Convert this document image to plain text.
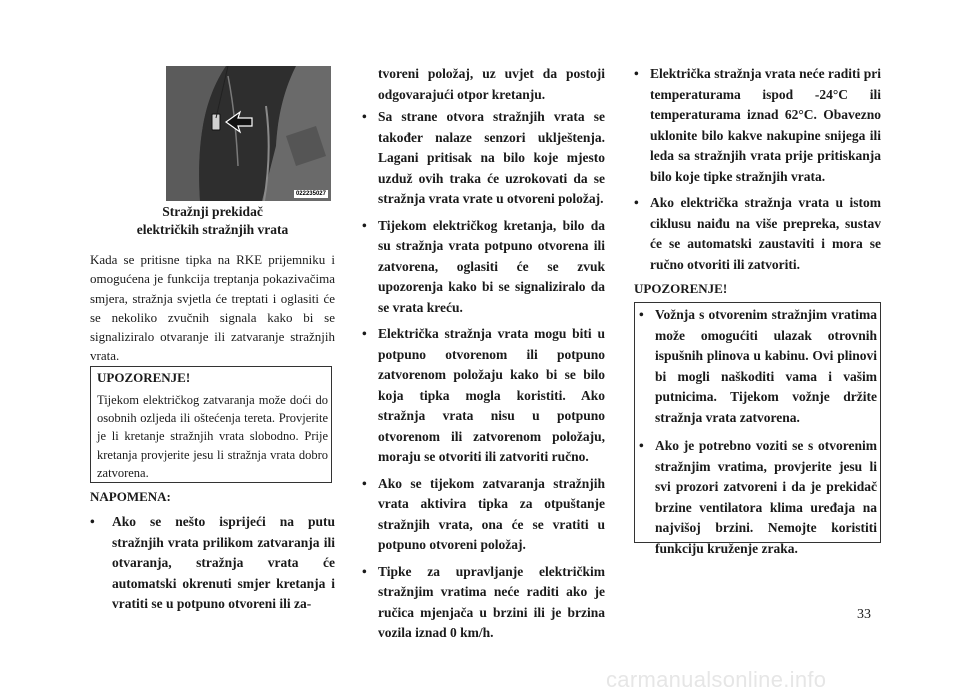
022235027
Stražnji prekidač
električkih stražnjih vrata
Kada se pritisne tipka na RKE prijemniku i omogućena je funkcija treptanja pokazivačima smjera, stražnja svjetla će treptati i oglasiti će se nekoliko zvučnih signala kako bi se signaliziralo otvaranje ili zatvaranje stražnjih vrata.
UPOZORENJE!
Tijekom električkog zatvaranja može doći do osobnih ozljeda ili oštećenja tereta. Provjerite je li kretanje stražnjih vrata slobodno. Prije kretanja provjerite jesu li stražnja vrata dobro zatvorena.
NAPOMENA:
• Ako se nešto isprijeći na putu stražnjih vrata prilikom zatvaranja ili otvaranja, stražnja vrata će automatski okrenuti smjer kretanja i vratiti se u potpuno otvoreni ili za-
tvoreni položaj, uz uvjet da postoji odgovarajući otpor kretanju.
• Sa strane otvora stražnjih vrata se također nalaze senzori uklještenja. Lagani pritisak na bilo koje mjesto uzduž ovih traka će uzrokovati da se stražnja vrata vrate u otvoreni položaj.
• Tijekom električkog kretanja, bilo da su stražnja vrata potpuno otvorena ili zatvorena, oglasiti će se zvuk upozorenja kako bi se signaliziralo da se vrata kreću.
• Električka stražnja vrata mogu biti u potpuno otvorenom ili potpuno zatvorenom položaju kako bi se bilo koja tipka mogla koristiti. Ako stražnja vrata nisu u potpuno otvorenom ili zatvorenom položaju, moraju se otvoriti ili zatvoriti ručno.
• Ako se tijekom zatvaranja stražnjih vrata aktivira tipka za otpuštanje stražnjih vrata, ona će se vratiti u potpuno otvoreni položaj.
• Tipke za upravljanje električkim stražnjim vratima neće raditi ako je ručica mjenjača u brzini ili je brzina vozila iznad 0 km/h.
• Električka stražnja vrata neće raditi pri temperaturama ispod -24°C ili temperaturama iznad 62°C. Obavezno uklonite bilo kakve nakupine snijega ili leda sa stražnjih vrata prije pritiskanja bilo koje tipke stražnjih vrata.
• Ako električka stražnja vrata u istom ciklusu naiđu na više prepreka, sustav će se automatski zaustaviti i mora se ručno otvoriti ili zatvoriti.
UPOZORENJE!
• Vožnja s otvorenim stražnjim vratima može omogućiti ulazak otrovnih ispušnih plinova u kabinu. Ovi plinovi bi mogli naškoditi vama i vašim putnicima. Tijekom vožnje držite stražnja vrata zatvorena.
• Ako je potrebno voziti se s otvorenim stražnjim vratima, provjerite jesu li svi prozori zatvoreni i da je prekidač brzine ventilatora klima uređaja na najvišoj brzini. Nemojte koristiti funkciju kruženje zraka.
33
carmanualsonline.info
